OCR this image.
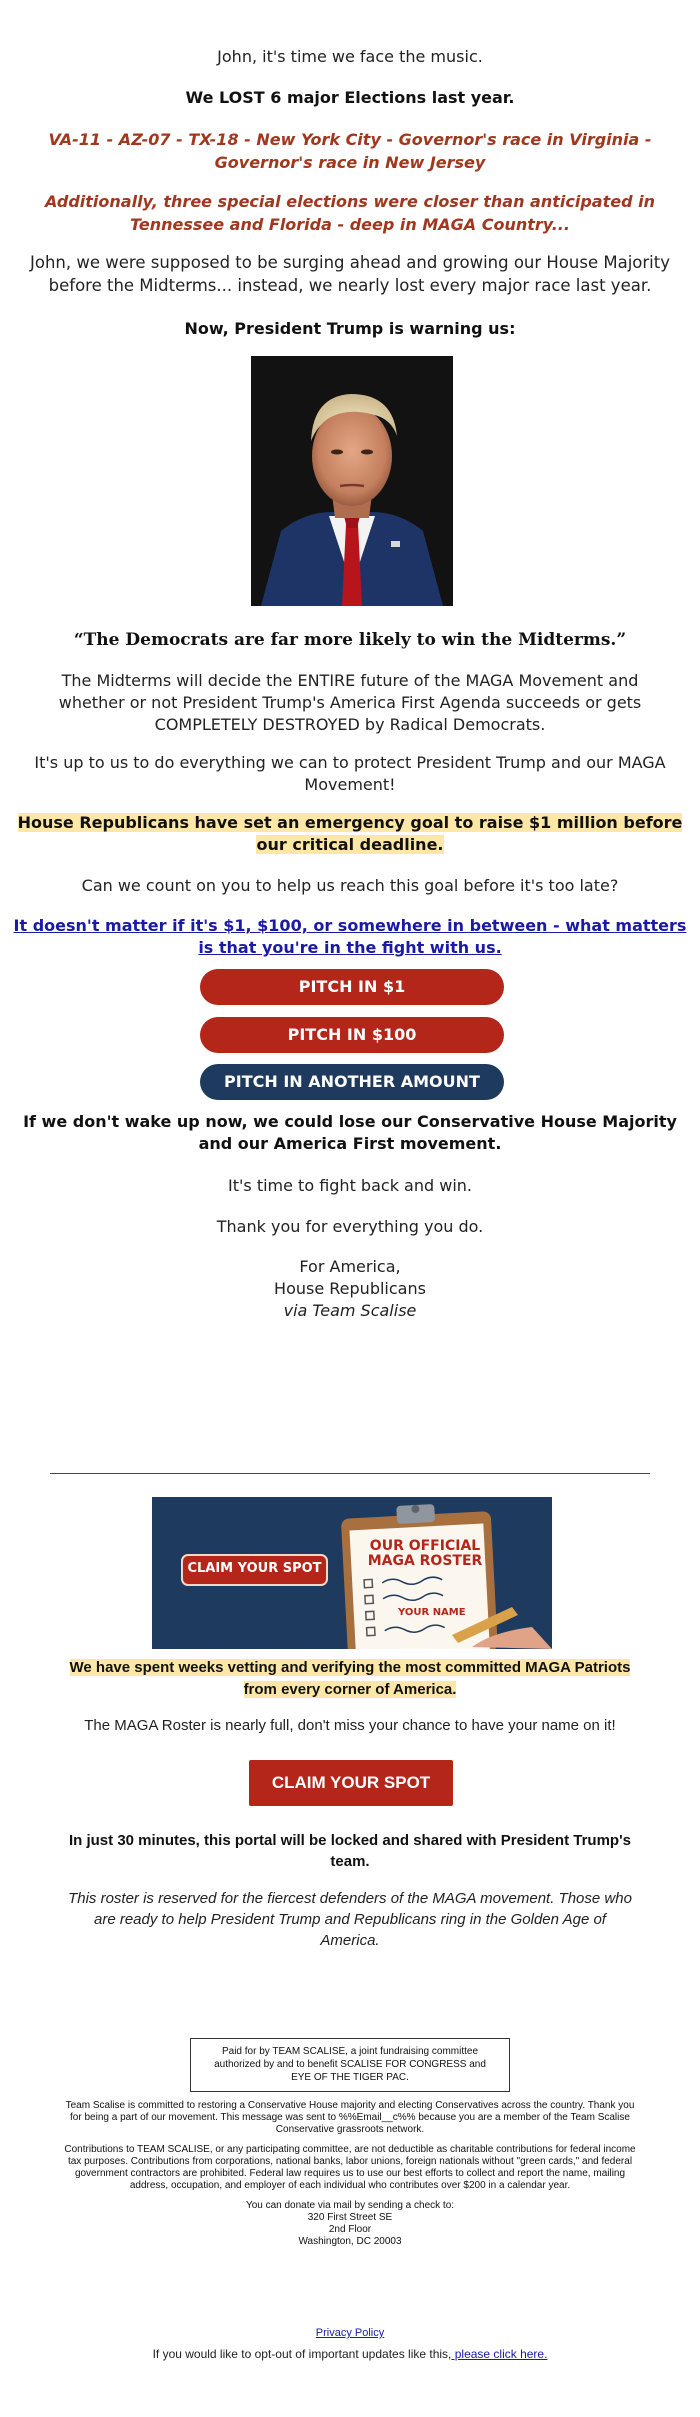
John, it's time we face the music.
We LOST 6 major Elections last year.
VA-11 - AZ-07 - TX-18 - New York City - Governor's race in Virginia -
Governor's race in New Jersey
Additionally, three special elections were closer than anticipated in
Tennessee and Florida - deep in MAGA Country...
John, we were supposed to be surging ahead and growing our House Majority
before the Midterms... instead, we nearly lost every major race last year.
Now, President Trump is warning us:
“The Democrats are far more likely to win the Midterms.”
The Midterms will decide the ENTIRE future of the MAGA Movement and
whether or not President Trump's America First Agenda succeeds or gets
COMPLETELY DESTROYED by Radical Democrats.
It's up to us to do everything we can to protect President Trump and our MAGA
Movement!
House Republicans have set an emergency goal to raise $1 million before
our critical deadline.
Can we count on you to help us reach this goal before it's too late?
It doesn't matter if it's $1, $100, or somewhere in between - what matters
is that you're in the fight with us.
PITCH IN $1
PITCH IN $100
PITCH IN ANOTHER AMOUNT
If we don't wake up now, we could lose our Conservative House Majority
and our America First movement.
It's time to fight back and win.
Thank you for everything you do.
For America,
House Republicans
via Team Scalise
CLAIM YOUR SPOT
OUR OFFICIAL
MAGA ROSTER
YOUR NAME
We have spent weeks vetting and verifying the most committed MAGA Patriots
from every corner of America.
The MAGA Roster is nearly full, don't miss your chance to have your name on it!
CLAIM YOUR SPOT
In just 30 minutes, this portal will be locked and shared with President Trump's
team.
This roster is reserved for the fiercest defenders of the MAGA movement. Those who
are ready to help President Trump and Republicans ring in the Golden Age of
America.
Paid for by TEAM SCALISE, a joint fundraising committee
authorized by and to benefit SCALISE FOR CONGRESS and
EYE OF THE TIGER PAC.
Team Scalise is committed to restoring a Conservative House majority and electing Conservatives across the country. Thank you
for being a part of our movement. This message was sent to %%Email__c%% because you are a member of the Team Scalise
Conservative grassroots network.
Contributions to TEAM SCALISE, or any participating committee, are not deductible as charitable contributions for federal income
tax purposes. Contributions from corporations, national banks, labor unions, foreign nationals without "green cards," and federal
government contractors are prohibited. Federal law requires us to use our best efforts to collect and report the name, mailing
address, occupation, and employer of each individual who contributes over $200 in a calendar year.
You can donate via mail by sending a check to:
320 First Street SE
2nd Floor
Washington, DC 20003
Privacy Policy
If you would like to opt-out of important updates like this, please click here.
